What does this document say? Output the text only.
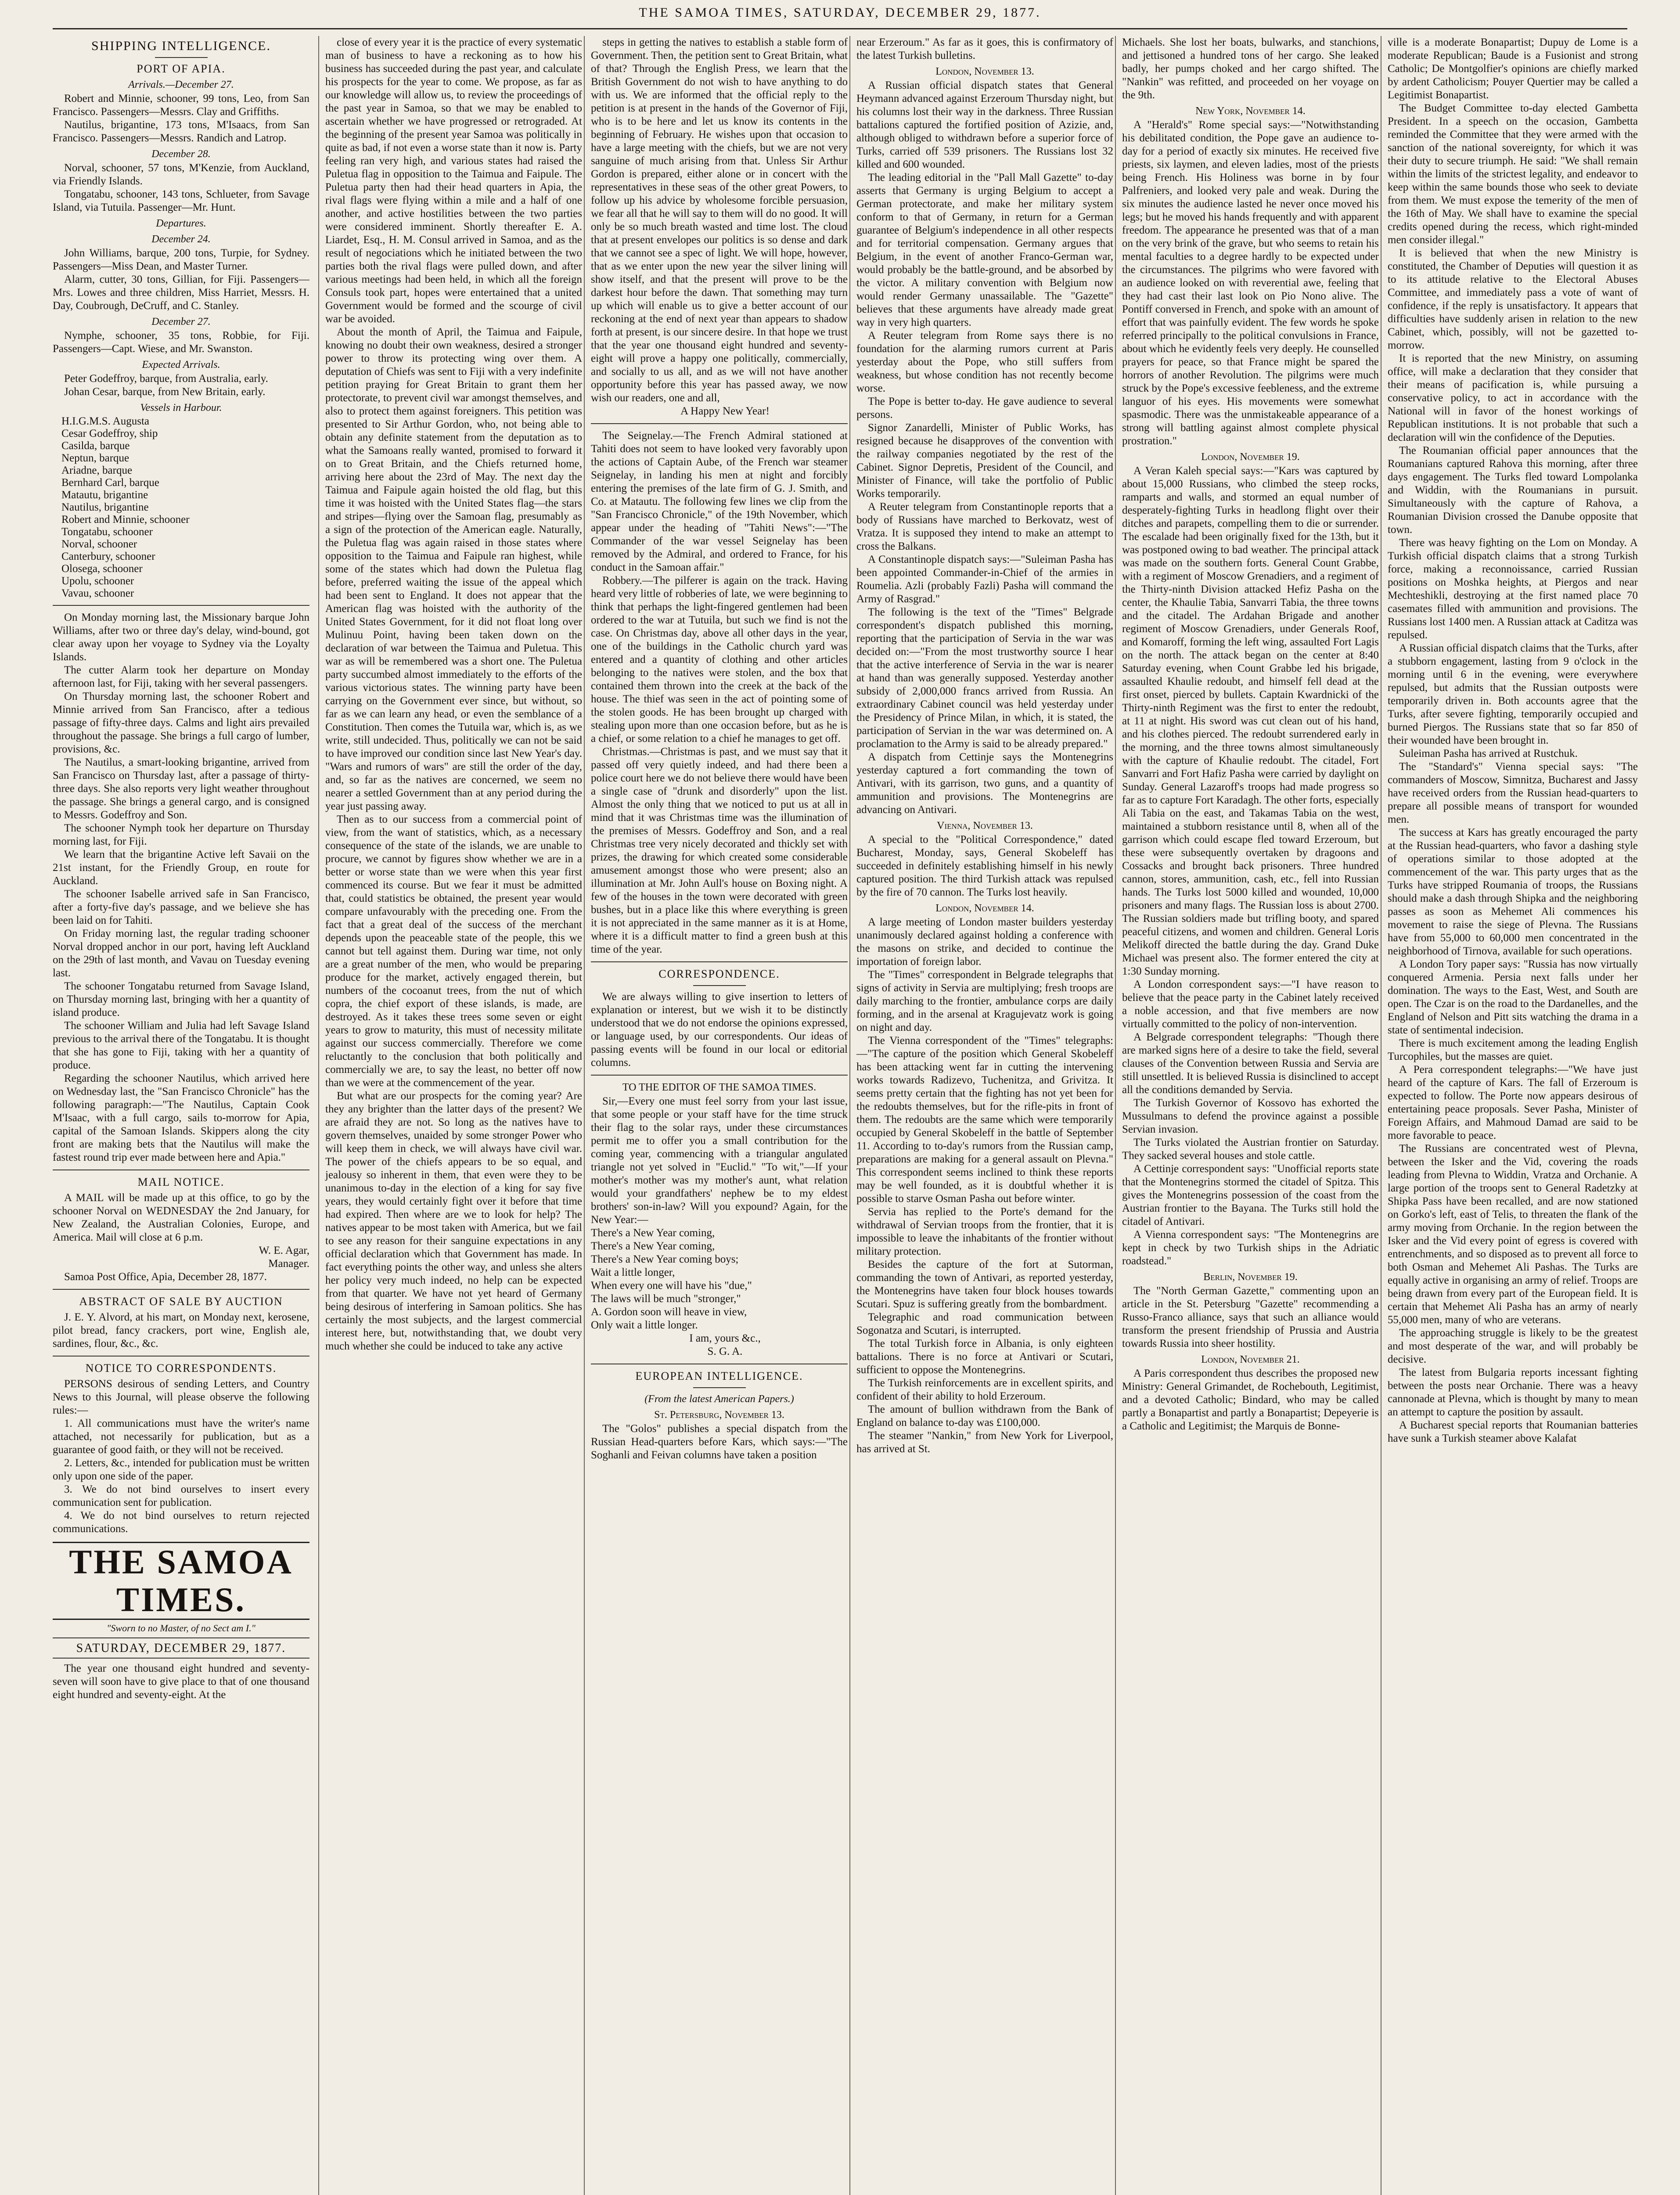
THE SAMOA TIMES, SATURDAY, DECEMBER 29, 1877.
SHIPPING INTELLIGENCE.
PORT OF APIA.
Arrivals.—December 27.

Robert and Minnie, schooner, 99 tons, Leo, from San Francisco. Passengers—Messrs. Clay and Griffiths.

Nautilus, brigantine, 173 tons, M'Isaacs, from San Francisco. Passengers—Messrs. Randich and Latrop.

December 28.

Norval, schooner, 57 tons, M'Kenzie, from Auckland, via Friendly Islands.

Tongatabu, schooner, 143 tons, Schlueter, from Savage Island, via Tutuila. Passenger—Mr. Hunt.

Departures.
December 24.

John Williams, barque, 200 tons, Turpie, for Sydney. Passengers—Miss Dean, and Master Turner.

Alarm, cutter, 30 tons, Gillian, for Fiji. Passengers—Mrs. Lowes and three children, Miss Harriet, Messrs. H. Day, Coubrough, DeCruff, and C. Stanley.

December 27.

Nymphe, schooner, 35 tons, Robbie, for Fiji. Passengers—Capt. Wiese, and Mr. Swanston.

Expected Arrivals.

Peter Godeffroy, barque, from Australia, early.

Johan Cesar, barque, from New Britain, early.

Vessels in Harbour.
H.I.G.M.S. Augusta
Cesar Godeffroy, ship
Casilda, barque
Neptun, barque
Ariadne, barque
Bernhard Carl, barque
Matautu, brigantine
Nautilus, brigantine
Robert and Minnie, schooner
Tongatabu, schooner
Norval, schooner
Canterbury, schooner
Olosega, schooner
Upolu, schooner
Vavau, schooner

On Monday morning last, the Missionary barque John Williams, after two or three day's delay, wind-bound, got clear away upon her voyage to Sydney via the Loyalty Islands.

The cutter Alarm took her departure on Monday afternoon last, for Fiji, taking with her several passengers.

On Thursday morning last, the schooner Robert and Minnie arrived from San Francisco, after a tedious passage of fifty-three days. Calms and light airs prevailed throughout the passage. She brings a full cargo of lumber, provisions, &c.

The Nautilus, a smart-looking brigantine, arrived from San Francisco on Thursday last, after a passage of thirty-three days. She also reports very light weather throughout the passage. She brings a general cargo, and is consigned to Messrs. Godeffroy and Son.

The schooner Nymph took her departure on Thursday morning last, for Fiji.

We learn that the brigantine Active left Savaii on the 21st instant, for the Friendly Group, en route for Auckland.

The schooner Isabelle arrived safe in San Francisco, after a forty-five day's passage, and we believe she has been laid on for Tahiti.

On Friday morning last, the regular trading schooner Norval dropped anchor in our port, having left Auckland on the 29th of last month, and Vavau on Tuesday evening last.

The schooner Tongatabu returned from Savage Island, on Thursday morning last, bringing with her a quantity of island produce.

The schooner William and Julia had left Savage Island previous to the arrival there of the Tongatabu. It is thought that she has gone to Fiji, taking with her a quantity of produce.

Regarding the schooner Nautilus, which arrived here on Wednesday last, the "San Francisco Chronicle" has the following paragraph:—"The Nautilus, Captain Cook M'Isaac, with a full cargo, sails to-morrow for Apia, capital of the Samoan Islands. Skippers along the city front are making bets that the Nautilus will make the fastest round trip ever made between here and Apia."

MAIL NOTICE.

A MAIL will be made up at this office, to go by the schooner Norval on WEDNESDAY the 2nd January, for New Zealand, the Australian Colonies, Europe, and America. Mail will close at 6 p.m.

W. E. Agar,

Manager.

Samoa Post Office, Apia, December 28, 1877.

ABSTRACT OF SALE BY AUCTION

J. E. Y. Alvord, at his mart, on Monday next, kerosene, pilot bread, fancy crackers, port wine, English ale, sardines, flour, &c., &c.

NOTICE TO CORRESPONDENTS.

PERSONS desirous of sending Letters, and Country News to this Journal, will please observe the following rules:—

1. All communications must have the writer's name attached, not necessarily for publication, but as a guarantee of good faith, or they will not be received.

2. Letters, &c., intended for publication must be written only upon one side of the paper.

3. We do not bind ourselves to insert every communication sent for publication.

4. We do not bind ourselves to return rejected communications.

THE SAMOA TIMES.
"Sworn to no Master, of no Sect am I."
SATURDAY, DECEMBER 29, 1877.

The year one thousand eight hundred and seventy-seven will soon have to give place to that of one thousand eight hundred and seventy-eight. At the

close of every year it is the practice of every systematic man of business to have a reckoning as to how his business has succeeded during the past year, and calculate his prospects for the year to come. We propose, as far as our knowledge will allow us, to review the proceedings of the past year in Samoa, so that we may be enabled to ascertain whether we have progressed or retrograded. At the beginning of the present year Samoa was politically in quite as bad, if not even a worse state than it now is. Party feeling ran very high, and various states had raised the Puletua flag in opposition to the Taimua and Faipule. The Puletua party then had their head quarters in Apia, the rival flags were flying within a mile and a half of one another, and active hostilities between the two parties were considered imminent. Shortly thereafter E. A. Liardet, Esq., H. M. Consul arrived in Samoa, and as the result of negociations which he initiated between the two parties both the rival flags were pulled down, and after various meetings had been held, in which all the foreign Consuls took part, hopes were entertained that a united Government would be formed and the scourge of civil war be avoided.

About the month of April, the Taimua and Faipule, knowing no doubt their own weakness, desired a stronger power to throw its protecting wing over them. A deputation of Chiefs was sent to Fiji with a very indefinite petition praying for Great Britain to grant them her protectorate, to prevent civil war amongst themselves, and also to protect them against foreigners. This petition was presented to Sir Arthur Gordon, who, not being able to obtain any definite statement from the deputation as to what the Samoans really wanted, promised to forward it on to Great Britain, and the Chiefs returned home, arriving here about the 23rd of May. The next day the Taimua and Faipule again hoisted the old flag, but this time it was hoisted with the United States flag—the stars and stripes—flying over the Samoan flag, presumably as a sign of the protection of the American eagle. Naturally, the Puletua flag was again raised in those states where opposition to the Taimua and Faipule ran highest, while some of the states which had down the Puletua flag before, preferred waiting the issue of the appeal which had been sent to England. It does not appear that the American flag was hoisted with the authority of the United States Government, for it did not float long over Mulinuu Point, having been taken down on the declaration of war between the Taimua and Puletua. This war as will be remembered was a short one. The Puletua party succumbed almost immediately to the efforts of the various victorious states. The winning party have been carrying on the Government ever since, but without, so far as we can learn any head, or even the semblance of a Constitution. Then comes the Tutuila war, which is, as we write, still undecided. Thus, politically we can not be said to have improved our condition since last New Year's day. "Wars and rumors of wars" are still the order of the day, and, so far as the natives are concerned, we seem no nearer a settled Government than at any period during the year just passing away.

Then as to our success from a commercial point of view, from the want of statistics, which, as a necessary consequence of the state of the islands, we are unable to procure, we cannot by figures show whether we are in a better or worse state than we were when this year first commenced its course. But we fear it must be admitted that, could statistics be obtained, the present year would compare unfavourably with the preceding one. From the fact that a great deal of the success of the merchant depends upon the peaceable state of the people, this we cannot but tell against them. During war time, not only are a great number of the men, who would be preparing produce for the market, actively engaged therein, but numbers of the cocoanut trees, from the nut of which copra, the chief export of these islands, is made, are destroyed. As it takes these trees some seven or eight years to grow to maturity, this must of necessity militate against our success commercially. Therefore we come reluctantly to the conclusion that both politically and commercially we are, to say the least, no better off now than we were at the commencement of the year.

But what are our prospects for the coming year? Are they any brighter than the latter days of the present? We are afraid they are not. So long as the natives have to govern themselves, unaided by some stronger Power who will keep them in check, we will always have civil war. The power of the chiefs appears to be so equal, and jealousy so inherent in them, that even were they to be unanimous to-day in the election of a king for say five years, they would certainly fight over it before that time had expired. Then where are we to look for help? The natives appear to be most taken with America, but we fail to see any reason for their sanguine expectations in any official declaration which that Government has made. In fact everything points the other way, and unless she alters her policy very much indeed, no help can be expected from that quarter. We have not yet heard of Germany being desirous of interfering in Samoan politics. She has certainly the most subjects, and the largest commercial interest here, but, notwithstanding that, we doubt very much whether she could be induced to take any active

steps in getting the natives to establish a stable form of Government. Then, the petition sent to Great Britain, what of that? Through the English Press, we learn that the British Government do not wish to have anything to do with us. We are informed that the official reply to the petition is at present in the hands of the Governor of Fiji, who is to be here and let us know its contents in the beginning of February. He wishes upon that occasion to have a large meeting with the chiefs, but we are not very sanguine of much arising from that. Unless Sir Arthur Gordon is prepared, either alone or in concert with the representatives in these seas of the other great Powers, to follow up his advice by wholesome forcible persuasion, we fear all that he will say to them will do no good. It will only be so much breath wasted and time lost. The cloud that at present envelopes our politics is so dense and dark that we cannot see a spec of light. We will hope, however, that as we enter upon the new year the silver lining will show itself, and that the present will prove to be the darkest hour before the dawn. That something may turn up which will enable us to give a better account of our reckoning at the end of next year than appears to shadow forth at present, is our sincere desire. In that hope we trust that the year one thousand eight hundred and seventy-eight will prove a happy one politically, commercially, and socially to us all, and as we will not have another opportunity before this year has passed away, we now wish our readers, one and all,

A Happy New Year!

The Seignelay.—The French Admiral stationed at Tahiti does not seem to have looked very favorably upon the actions of Captain Aube, of the French war steamer Seignelay, in landing his men at night and forcibly entering the premises of the late firm of G. J. Smith, and Co. at Matautu. The following few lines we clip from the "San Francisco Chronicle," of the 19th November, which appear under the heading of "Tahiti News":—"The Commander of the war vessel Seignelay has been removed by the Admiral, and ordered to France, for his conduct in the Samoan affair."

Robbery.—The pilferer is again on the track. Having heard very little of robberies of late, we were beginning to think that perhaps the light-fingered gentlemen had been ordered to the war at Tutuila, but such we find is not the case. On Christmas day, above all other days in the year, one of the buildings in the Catholic church yard was entered and a quantity of clothing and other articles belonging to the natives were stolen, and the box that contained them thrown into the creek at the back of the house. The thief was seen in the act of pointing some of the stolen goods. He has been brought up charged with stealing upon more than one occasion before, but as he is a chief, or some relation to a chief he manages to get off.

Christmas.—Christmas is past, and we must say that it passed off very quietly indeed, and had there been a police court here we do not believe there would have been a single case of "drunk and disorderly" upon the list. Almost the only thing that we noticed to put us at all in mind that it was Christmas time was the illumination of the premises of Messrs. Godeffroy and Son, and a real Christmas tree very nicely decorated and thickly set with prizes, the drawing for which created some considerable amusement amongst those who were present; also an illumination at Mr. John Aull's house on Boxing night. A few of the houses in the town were decorated with green bushes, but in a place like this where everything is green it is not appreciated in the same manner as it is at Home, where it is a difficult matter to find a green bush at this time of the year.

CORRESPONDENCE.

We are always willing to give insertion to letters of explanation or interest, but we wish it to be distinctly understood that we do not endorse the opinions expressed, or language used, by our correspondents. Our ideas of passing events will be found in our local or editorial columns.

TO THE EDITOR OF THE SAMOA TIMES.

Sir,—Every one must feel sorry from your last issue, that some people or your staff have for the time struck their flag to the solar rays, under these circumstances permit me to offer you a small contribution for the coming year, commencing with a triangular angulated triangle not yet solved in "Euclid." "To wit,"—If your mother's mother was my mother's aunt, what relation would your grandfathers' nephew be to my eldest brothers' son-in-law? Will you expound? Again, for the New Year:—

There's a New Year coming,

There's a New Year coming,

There's a New Year coming boys;

Wait a little longer,

When every one will have his "due,"

The laws will be much "stronger,"

A. Gordon soon will heave in view,

Only wait a little longer.

I am, yours &c.,

S. G. A.

EUROPEAN INTELLIGENCE.
(From the latest American Papers.)
St. Petersburg, November 13.

The "Golos" publishes a special dispatch from the Russian Head-quarters before Kars, which says:—"The Soghanli and Feivan columns have taken a position

near Erzeroum." As far as it goes, this is confirmatory of the latest Turkish bulletins.

London, November 13.

A Russian official dispatch states that General Heymann advanced against Erzeroum Thursday night, but his columns lost their way in the darkness. Three Russian battalions captured the fortified position of Azizie, and, although obliged to withdrawn before a superior force of Turks, carried off 539 prisoners. The Russians lost 32 killed and 600 wounded.

The leading editorial in the "Pall Mall Gazette" to-day asserts that Germany is urging Belgium to accept a German protectorate, and make her military system conform to that of Germany, in return for a German guarantee of Belgium's independence in all other respects and for territorial compensation. Germany argues that Belgium, in the event of another Franco-German war, would probably be the battle-ground, and be absorbed by the victor. A military convention with Belgium now would render Germany unassailable. The "Gazette" believes that these arguments have already made great way in very high quarters.

A Reuter telegram from Rome says there is no foundation for the alarming rumors current at Paris yesterday about the Pope, who still suffers from weakness, but whose condition has not recently become worse.

The Pope is better to-day. He gave audience to several persons.

Signor Zanardelli, Minister of Public Works, has resigned because he disapproves of the convention with the railway companies negotiated by the rest of the Cabinet. Signor Depretis, President of the Council, and Minister of Finance, will take the portfolio of Public Works temporarily.

A Reuter telegram from Constantinople reports that a body of Russians have marched to Berkovatz, west of Vratza. It is supposed they intend to make an attempt to cross the Balkans.

A Constantinople dispatch says:—"Suleiman Pasha has been appointed Commander-in-Chief of the armies in Roumelia. Azli (probably Fazli) Pasha will command the Army of Rasgrad."

The following is the text of the "Times" Belgrade correspondent's dispatch published this morning, reporting that the participation of Servia in the war was decided on:—"From the most trustworthy source I hear that the active interference of Servia in the war is nearer at hand than was generally supposed. Yesterday another subsidy of 2,000,000 francs arrived from Russia. An extraordinary Cabinet council was held yesterday under the Presidency of Prince Milan, in which, it is stated, the participation of Servian in the war was determined on. A proclamation to the Army is said to be already prepared."

A dispatch from Cettinje says the Montenegrins yesterday captured a fort commanding the town of Antivari, with its garrison, two guns, and a quantity of ammunition and provisions. The Montenegrins are advancing on Antivari.

Vienna, November 13.

A special to the "Political Correspondence," dated Bucharest, Monday, says, General Skobeleff has succeeded in definitely establishing himself in his newly captured position. The third Turkish attack was repulsed by the fire of 70 cannon. The Turks lost heavily.

London, November 14.

A large meeting of London master builders yesterday unanimously declared against holding a conference with the masons on strike, and decided to continue the importation of foreign labor.

The "Times" correspondent in Belgrade telegraphs that signs of activity in Servia are multiplying; fresh troops are daily marching to the frontier, ambulance corps are daily forming, and in the arsenal at Kragujevatz work is going on night and day.

The Vienna correspondent of the "Times" telegraphs:—"The capture of the position which General Skobeleff has been attacking went far in cutting the intervening works towards Radizevo, Tuchenitza, and Grivitza. It seems pretty certain that the fighting has not yet been for the redoubts themselves, but for the rifle-pits in front of them. The redoubts are the same which were temporarily occupied by General Skobeleff in the battle of September 11. According to to-day's rumors from the Russian camp, preparations are making for a general assault on Plevna." This correspondent seems inclined to think these reports may be well founded, as it is doubtful whether it is possible to starve Osman Pasha out before winter.

Servia has replied to the Porte's demand for the withdrawal of Servian troops from the frontier, that it is impossible to leave the inhabitants of the frontier without military protection.

Besides the capture of the fort at Sutorman, commanding the town of Antivari, as reported yesterday, the Montenegrins have taken four block houses towards Scutari. Spuz is suffering greatly from the bombardment.

Telegraphic and road communication between Sogonatza and Scutari, is interrupted.

The total Turkish force in Albania, is only eighteen battalions. There is no force at Antivari or Scutari, sufficient to oppose the Montenegrins.

The Turkish reinforcements are in excellent spirits, and confident of their ability to hold Erzeroum.

The amount of bullion withdrawn from the Bank of England on balance to-day was £100,000.

The steamer "Nankin," from New York for Liverpool, has arrived at St.

Michaels. She lost her boats, bulwarks, and stanchions, and jettisoned a hundred tons of her cargo. She leaked badly, her pumps choked and her cargo shifted. The "Nankin" was refitted, and proceeded on her voyage on the 9th.

New York, November 14.

A "Herald's" Rome special says:—"Notwithstanding his debilitated condition, the Pope gave an audience to-day for a period of exactly six minutes. He received five priests, six laymen, and eleven ladies, most of the priests being French. His Holiness was borne in by four Palfreniers, and looked very pale and weak. During the six minutes the audience lasted he never once moved his legs; but he moved his hands frequently and with apparent freedom. The appearance he presented was that of a man on the very brink of the grave, but who seems to retain his mental faculties to a degree hardly to be expected under the circumstances. The pilgrims who were favored with an audience looked on with reverential awe, feeling that they had cast their last look on Pio Nono alive. The Pontiff conversed in French, and spoke with an amount of effort that was painfully evident. The few words he spoke referred principally to the political convulsions in France, about which he evidently feels very deeply. He counselled prayers for peace, so that France might be spared the horrors of another Revolution. The pilgrims were much struck by the Pope's excessive feebleness, and the extreme languor of his eyes. His movements were somewhat spasmodic. There was the unmistakeable appearance of a strong will battling against almost complete physical prostration."

London, November 19.

A Veran Kaleh special says:—"Kars was captured by about 15,000 Russians, who climbed the steep rocks, ramparts and walls, and stormed an equal number of desperately-fighting Turks in headlong flight over their ditches and parapets, compelling them to die or surrender. The escalade had been originally fixed for the 13th, but it was postponed owing to bad weather. The principal attack was made on the southern forts. General Count Grabbe, with a regiment of Moscow Grenadiers, and a regiment of the Thirty-ninth Division attacked Hefiz Pasha on the center, the Khaulie Tabia, Sanvarri Tabia, the three towns and the citadel. The Ardahan Brigade and another regiment of Moscow Grenadiers, under Generals Roof, and Komaroff, forming the left wing, assaulted Fort Lagis on the north. The attack began on the center at 8:40 Saturday evening, when Count Grabbe led his brigade, assaulted Khaulie redoubt, and himself fell dead at the first onset, pierced by bullets. Captain Kwardnicki of the Thirty-ninth Regiment was the first to enter the redoubt, at 11 at night. His sword was cut clean out of his hand, and his clothes pierced. The redoubt surrendered early in the morning, and the three towns almost simultaneously with the capture of Khaulie redoubt. The citadel, Fort Sanvarri and Fort Hafiz Pasha were carried by daylight on Sunday. General Lazaroff's troops had made progress so far as to capture Fort Karadagh. The other forts, especially Ali Tabia on the east, and Takamas Tabia on the west, maintained a stubborn resistance until 8, when all of the garrison which could escape fled toward Erzeroum, but these were subsequently overtaken by dragoons and Cossacks and brought back prisoners. Three hundred cannon, stores, ammunition, cash, etc., fell into Russian hands. The Turks lost 5000 killed and wounded, 10,000 prisoners and many flags. The Russian loss is about 2700. The Russian soldiers made but trifling booty, and spared peaceful citizens, and women and children. General Loris Melikoff directed the battle during the day. Grand Duke Michael was present also. The former entered the city at 1:30 Sunday morning.

A London correspondent says:—"I have reason to believe that the peace party in the Cabinet lately received a noble accession, and that five members are now virtually committed to the policy of non-intervention.

A Belgrade correspondent telegraphs: "Though there are marked signs here of a desire to take the field, several clauses of the Convention between Russia and Servia are still unsettled. It is believed Russia is disinclined to accept all the conditions demanded by Servia.

The Turkish Governor of Kossovo has exhorted the Mussulmans to defend the province against a possible Servian invasion.

The Turks violated the Austrian frontier on Saturday. They sacked several houses and stole cattle.

A Cettinje correspondent says: "Unofficial reports state that the Montenegrins stormed the citadel of Spitza. This gives the Montenegrins possession of the coast from the Austrian frontier to the Bayana. The Turks still hold the citadel of Antivari.

A Vienna correspondent says: "The Montenegrins are kept in check by two Turkish ships in the Adriatic roadstead."

Berlin, November 19.

The "North German Gazette," commenting upon an article in the St. Petersburg "Gazette" recommending a Russo-Franco alliance, says that such an alliance would transform the present friendship of Prussia and Austria towards Russia into sheer hostility.

London, November 21.

A Paris correspondent thus describes the proposed new Ministry: General Grimandet, de Rochebouth, Legitimist, and a devoted Catholic; Bindard, who may be called partly a Bonapartist and partly a Bonapartist; Depeyerie is a Catholic and Legitimist; the Marquis de Bonne-

ville is a moderate Bonapartist; Dupuy de Lome is a moderate Republican; Baude is a Fusionist and strong Catholic; De Montgolfier's opinions are chiefly marked by ardent Catholicism; Pouyer Quertier may be called a Legitimist Bonapartist.

The Budget Committee to-day elected Gambetta President. In a speech on the occasion, Gambetta reminded the Committee that they were armed with the sanction of the national sovereignty, for which it was their duty to secure triumph. He said: "We shall remain within the limits of the strictest legality, and endeavor to keep within the same bounds those who seek to deviate from them. We must expose the temerity of the men of the 16th of May. We shall have to examine the special credits opened during the recess, which right-minded men consider illegal."

It is believed that when the new Ministry is constituted, the Chamber of Deputies will question it as to its attitude relative to the Electoral Abuses Committee, and immediately pass a vote of want of confidence, if the reply is unsatisfactory. It appears that difficulties have suddenly arisen in relation to the new Cabinet, which, possibly, will not be gazetted to-morrow.

It is reported that the new Ministry, on assuming office, will make a declaration that they consider that their means of pacification is, while pursuing a conservative policy, to act in accordance with the National will in favor of the honest workings of Republican institutions. It is not probable that such a declaration will win the confidence of the Deputies.

The Roumanian official paper announces that the Roumanians captured Rahova this morning, after three days engagement. The Turks fled toward Lompolanka and Widdin, with the Roumanians in pursuit. Simultaneously with the capture of Rahova, a Roumanian Division crossed the Danube opposite that town.

There was heavy fighting on the Lom on Monday. A Turkish official dispatch claims that a strong Turkish force, making a reconnoissance, carried Russian positions on Moshka heights, at Piergos and near Mechteshikli, destroying at the first named place 70 casemates filled with ammunition and provisions. The Russians lost 1400 men. A Russian attack at Caditza was repulsed.

A Russian official dispatch claims that the Turks, after a stubborn engagement, lasting from 9 o'clock in the morning until 6 in the evening, were everywhere repulsed, but admits that the Russian outposts were temporarily driven in. Both accounts agree that the Turks, after severe fighting, temporarily occupied and burned Piergos. The Russians state that so far 850 of their wounded have been brought in.

Suleiman Pasha has arrived at Rustchuk.

The "Standard's" Vienna special says: "The commanders of Moscow, Simnitza, Bucharest and Jassy have received orders from the Russian head-quarters to prepare all possible means of transport for wounded men.

The success at Kars has greatly encouraged the party at the Russian head-quarters, who favor a dashing style of operations similar to those adopted at the commencement of the war. This party urges that as the Turks have stripped Roumania of troops, the Russians should make a dash through Shipka and the neighboring passes as soon as Mehemet Ali commences his movement to raise the siege of Plevna. The Russians have from 55,000 to 60,000 men concentrated in the neighborhood of Tirnova, available for such operations.

A London Tory paper says: "Russia has now virtually conquered Armenia. Persia next falls under her domination. The ways to the East, West, and South are open. The Czar is on the road to the Dardanelles, and the England of Nelson and Pitt sits watching the drama in a state of sentimental indecision.

There is much excitement among the leading English Turcophiles, but the masses are quiet.

A Pera correspondent telegraphs:—"We have just heard of the capture of Kars. The fall of Erzeroum is expected to follow. The Porte now appears desirous of entertaining peace proposals. Sever Pasha, Minister of Foreign Affairs, and Mahmoud Damad are said to be more favorable to peace.

The Russians are concentrated west of Plevna, between the Isker and the Vid, covering the roads leading from Plevna to Widdin, Vratza and Orchanie. A large portion of the troops sent to General Radetzky at Shipka Pass have been recalled, and are now stationed on Gorko's left, east of Telis, to threaten the flank of the army moving from Orchanie. In the region between the Isker and the Vid every point of egress is covered with entrenchments, and so disposed as to prevent all force to both Osman and Mehemet Ali Pashas. The Turks are equally active in organising an army of relief. Troops are being drawn from every part of the European field. It is certain that Mehemet Ali Pasha has an army of nearly 55,000 men, many of who are veterans.

The approaching struggle is likely to be the greatest and most desperate of the war, and will probably be decisive.

The latest from Bulgaria reports incessant fighting between the posts near Orchanie. There was a heavy cannonade at Plevna, which is thought by many to mean an attempt to capture the position by assault.

A Bucharest special reports that Roumanian batteries have sunk a Turkish steamer above Kalafat
